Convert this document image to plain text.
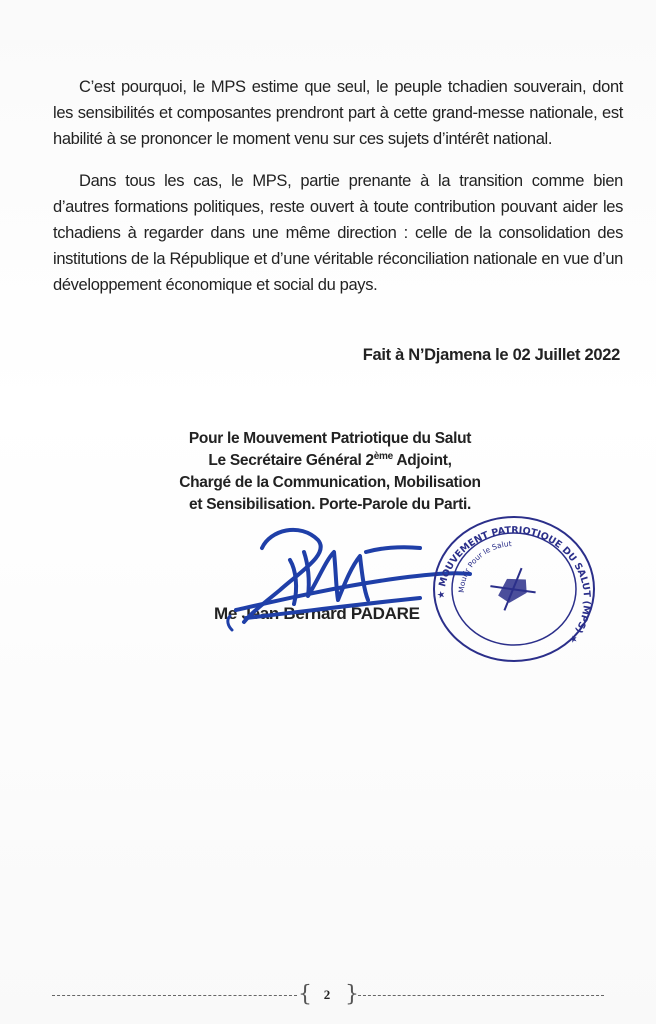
C’est pourquoi, le MPS estime que seul, le peuple tchadien souverain, dont les sensibilités et composantes prendront part à cette grand-messe nationale, est habilité à se prononcer le moment venu sur ces sujets d’intérêt national.
Dans tous les cas, le MPS, partie prenante à la transition comme bien d’autres formations politiques, reste ouvert à toute contribution pouvant aider les tchadiens à regarder dans une même direction : celle de la consolidation des institutions de la République et d’une véritable réconciliation nationale en vue d’un développement économique et social du pays.
Fait à N’Djamena le 02 Juillet 2022
Pour le Mouvement Patriotique du Salut
Le Secrétaire Général 2ème Adjoint,
Chargé de la Communication, Mobilisation
et Sensibilisation. Porte-Parole du Parti.
Me Jean Bernard PADARE
★ MOUVEMENT PATRIOTIQUE DU SALUT (MPS) ★
Mourir Pour le Salut
{ 2 }
